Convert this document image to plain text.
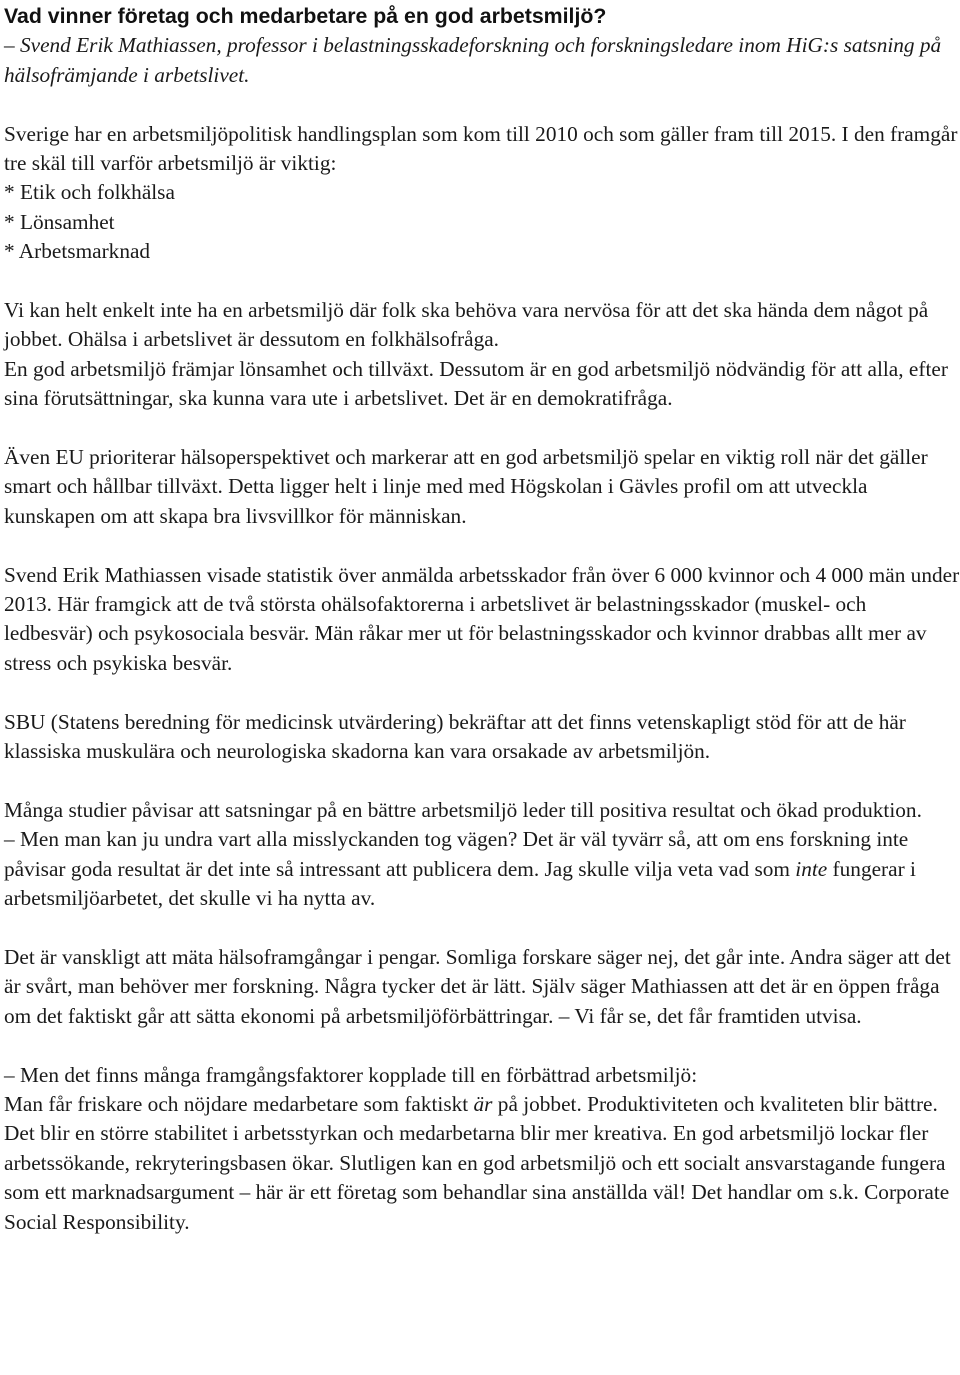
Vad vinner företag och medarbetare på en god arbetsmiljö?

– Svend Erik Mathiassen, professor i belastningsskadeforskning och forskningsledare inom HiG:s satsning på hälsofrämjande i arbetslivet.

Sverige har en arbetsmiljöpolitisk handlingsplan som kom till 2010 och som gäller fram till 2015. I den framgår tre skäl till varför arbetsmiljö är viktig:

* Etik och folkhälsa
* Lönsamhet
* Arbetsmarknad

Vi kan helt enkelt inte ha en arbetsmiljö där folk ska behöva vara nervösa för att det ska hända dem något på jobbet. Ohälsa i arbetslivet är dessutom en folkhälsofråga.

En god arbetsmiljö främjar lönsamhet och tillväxt. Dessutom är en god arbetsmiljö nödvändig för att alla, efter sina förutsättningar, ska kunna vara ute i arbetslivet. Det är en demokratifråga.

Även EU prioriterar hälsoperspektivet och markerar att en god arbetsmiljö spelar en viktig roll när det gäller smart och hållbar tillväxt. Detta ligger helt i linje med med Högskolan i Gävles profil om att utveckla kunskapen om att skapa bra livsvillkor för människan.

Svend Erik Mathiassen visade statistik över anmälda arbetsskador från över 6 000 kvinnor och 4 000 män under 2013. Här framgick att de två största ohälsofaktorerna i arbetslivet är belastningsskador (muskel- och ledbesvär) och psykosociala besvär. Män råkar mer ut för belastningsskador och kvinnor drabbas allt mer av stress och psykiska besvär.

SBU (Statens beredning för medicinsk utvärdering) bekräftar att det finns vetenskapligt stöd för att de här klassiska muskulära och neurologiska skadorna kan vara orsakade av arbetsmiljön.

Många studier påvisar att satsningar på en bättre arbetsmiljö leder till positiva resultat och ökad produktion.

– Men man kan ju undra vart alla misslyckanden tog vägen? Det är väl tyvärr så, att om ens forskning inte påvisar goda resultat är det inte så intressant att publicera dem. Jag skulle vilja veta vad som inte fungerar i arbetsmiljöarbetet, det skulle vi ha nytta av.

Det är vanskligt att mäta hälsoframgångar i pengar. Somliga forskare säger nej, det går inte. Andra säger att det är svårt, man behöver mer forskning. Några tycker det är lätt. Själv säger Mathiassen att det är en öppen fråga om det faktiskt går att sätta ekonomi på arbetsmiljöförbättringar. – Vi får se, det får framtiden utvisa.

– Men det finns många framgångsfaktorer kopplade till en förbättrad arbetsmiljö:

Man får friskare och nöjdare medarbetare som faktiskt är på jobbet. Produktiviteten och kvaliteten blir bättre. Det blir en större stabilitet i arbetsstyrkan och medarbetarna blir mer kreativa. En god arbetsmiljö lockar fler arbetssökande, rekryteringsbasen ökar. Slutligen kan en god arbetsmiljö och ett socialt ansvarstagande fungera som ett marknadsargument – här är ett företag som behandlar sina anställda väl! Det handlar om s.k. Corporate Social Responsibility.
